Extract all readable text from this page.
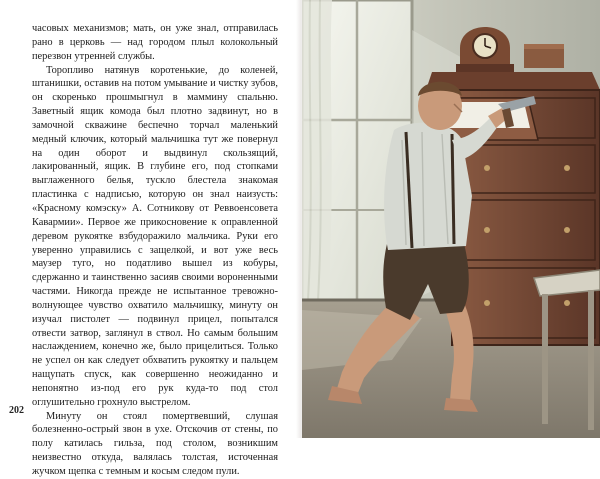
часовых механизмов; мать, он уже знал, отправилась рано в церковь — над городом плыл колокольный перезвон утренней службы.

Торопливо натянув коротенькие, до коленей, штанишки, оставив на потом умывание и чистку зубов, он скоренько прошмыгнул в маммину спальню. Заветный ящик комода был плотно задвинут, но в замочной скважине беспечно торчал маленький медный ключик, который мальчишка тут же повернул на один оборот и выдвинул скользящий, лакированный, ящик. В глубине его, под стопками выглаженного белья, тускло блестела знакомая пластинка с надписью, которую он знал наизусть: «Красному комэску» А. Сотникову от Реввоенсовета Кавармии». Первое же прикосновение к оправленной деревом рукоятке взбудоражило мальчика. Руки его уверенно управились с защелкой, и вот уже весь маузер туго, но податливо вышел из кобуры, сдержанно и таинственно засияв своими вороненными частями. Никогда прежде не испытанное тревожно-волнующее чувство охватило мальчишку, минуту он изучал пистолет — подвинул прицел, попытался отвести затвор, заглянул в ствол. Но самым большим наслаждением, конечно же, было прицелиться. Только не успел он как следует обхватить рукоятку и пальцем нащупать спуск, как совершенно неожиданно и непонятно из-под его рук куда-то под стол оглушительно грохнуло выстрелом.

Минуту он стоял помертвевший, слушая болезненно-острый звон в ухе. Отскочив от стены, по полу катилась гильза, под столом, возникшим неизвестно откуда, валялась толстая, источенная жучком щепка с темным и косым следом пули.

202
